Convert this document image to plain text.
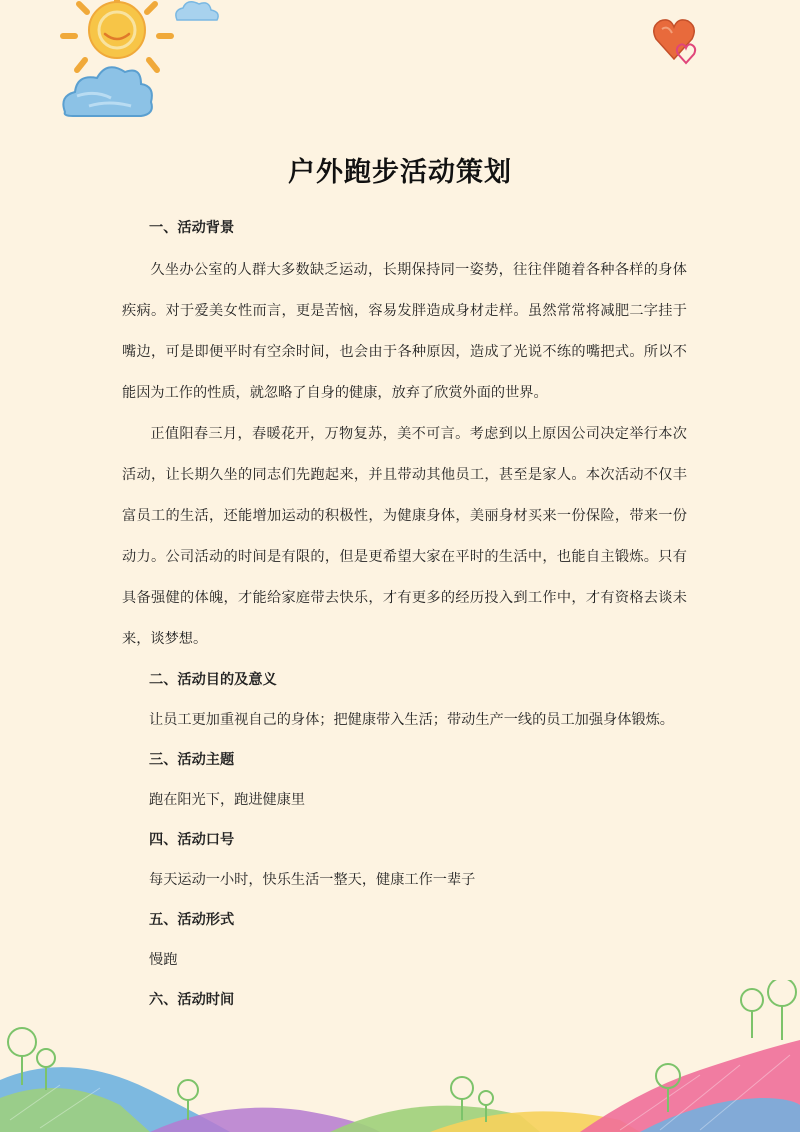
户外跑步活动策划

一、活动背景

久坐办公室的人群大多数缺乏运动，长期保持同一姿势，往往伴随着各种各样的身体疾病。对于爱美女性而言，更是苦恼，容易发胖造成身材走样。虽然常常将减肥二字挂于嘴边，可是即便平时有空余时间，也会由于各种原因，造成了光说不练的嘴把式。所以不能因为工作的性质，就忽略了自身的健康，放弃了欣赏外面的世界。

正值阳春三月，春暖花开，万物复苏，美不可言。考虑到以上原因公司决定举行本次活动，让长期久坐的同志们先跑起来，并且带动其他员工，甚至是家人。本次活动不仅丰富员工的生活，还能增加运动的积极性，为健康身体，美丽身材买来一份保险，带来一份动力。公司活动的时间是有限的，但是更希望大家在平时的生活中，也能自主锻炼。只有具备强健的体魄，才能给家庭带去快乐，才有更多的经历投入到工作中，才有资格去谈未来，谈梦想。

二、活动目的及意义

让员工更加重视自己的身体；把健康带入生活；带动生产一线的员工加强身体锻炼。

三、活动主题

跑在阳光下，跑进健康里

四、活动口号

每天运动一小时，快乐生活一整天，健康工作一辈子

五、活动形式

慢跑

六、活动时间
